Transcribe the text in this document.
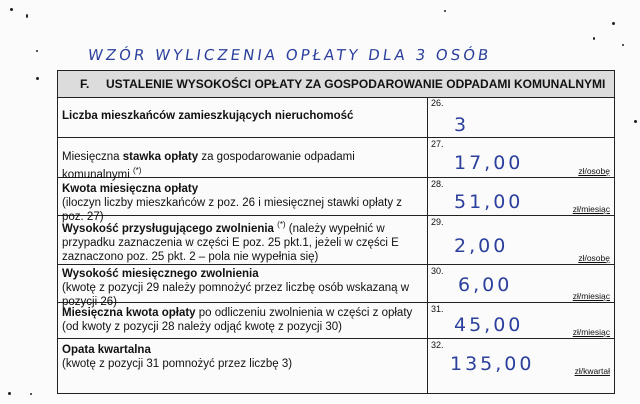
WZÓR WYLICZENIA OPŁATY DLA 3 OSÓB
F. USTALENIE WYSOKOŚCI OPŁATY ZA GOSPODAROWANIE ODPADAMI KOMUNALNYMI
Liczba mieszkańców zamieszkujących nieruchomość
26.
3
Miesięczna stawka opłaty za gospodarowanie odpadami komunalnymi (*)
27.
17,00	zł/osobę
Kwota miesięczna opłaty
(iloczyn liczby mieszkańców z poz. 26 i miesięcznej stawki opłaty z poz. 27)
28.
51,00	zł/miesiąc
Wysokość przysługującego zwolnienia (*) (należy wypełnić w przypadku zaznaczenia w części E poz. 25 pkt.1, jeżeli w części E zaznaczono poz. 25 pkt. 2 – pola nie wypełnia się)
29.
2,00
zł/osobę
Wysokość miesięcznego zwolnienia
(kwotę z pozycji 29 należy pomnożyć przez liczbę osób wskazaną w pozycji 26)
30.
6,00	zł/miesiąc
Miesięczna kwota opłaty po odliczeniu zwolnienia w części z opłaty
(od kwoty z pozycji 28 należy odjąć kwotę z pozycji 30)
31.
45,00	zł/miesiąc
Opata kwartalna
(kwotę z pozycji 31 pomnożyć przez liczbę 3)
32.
135,00	zł/kwartał
